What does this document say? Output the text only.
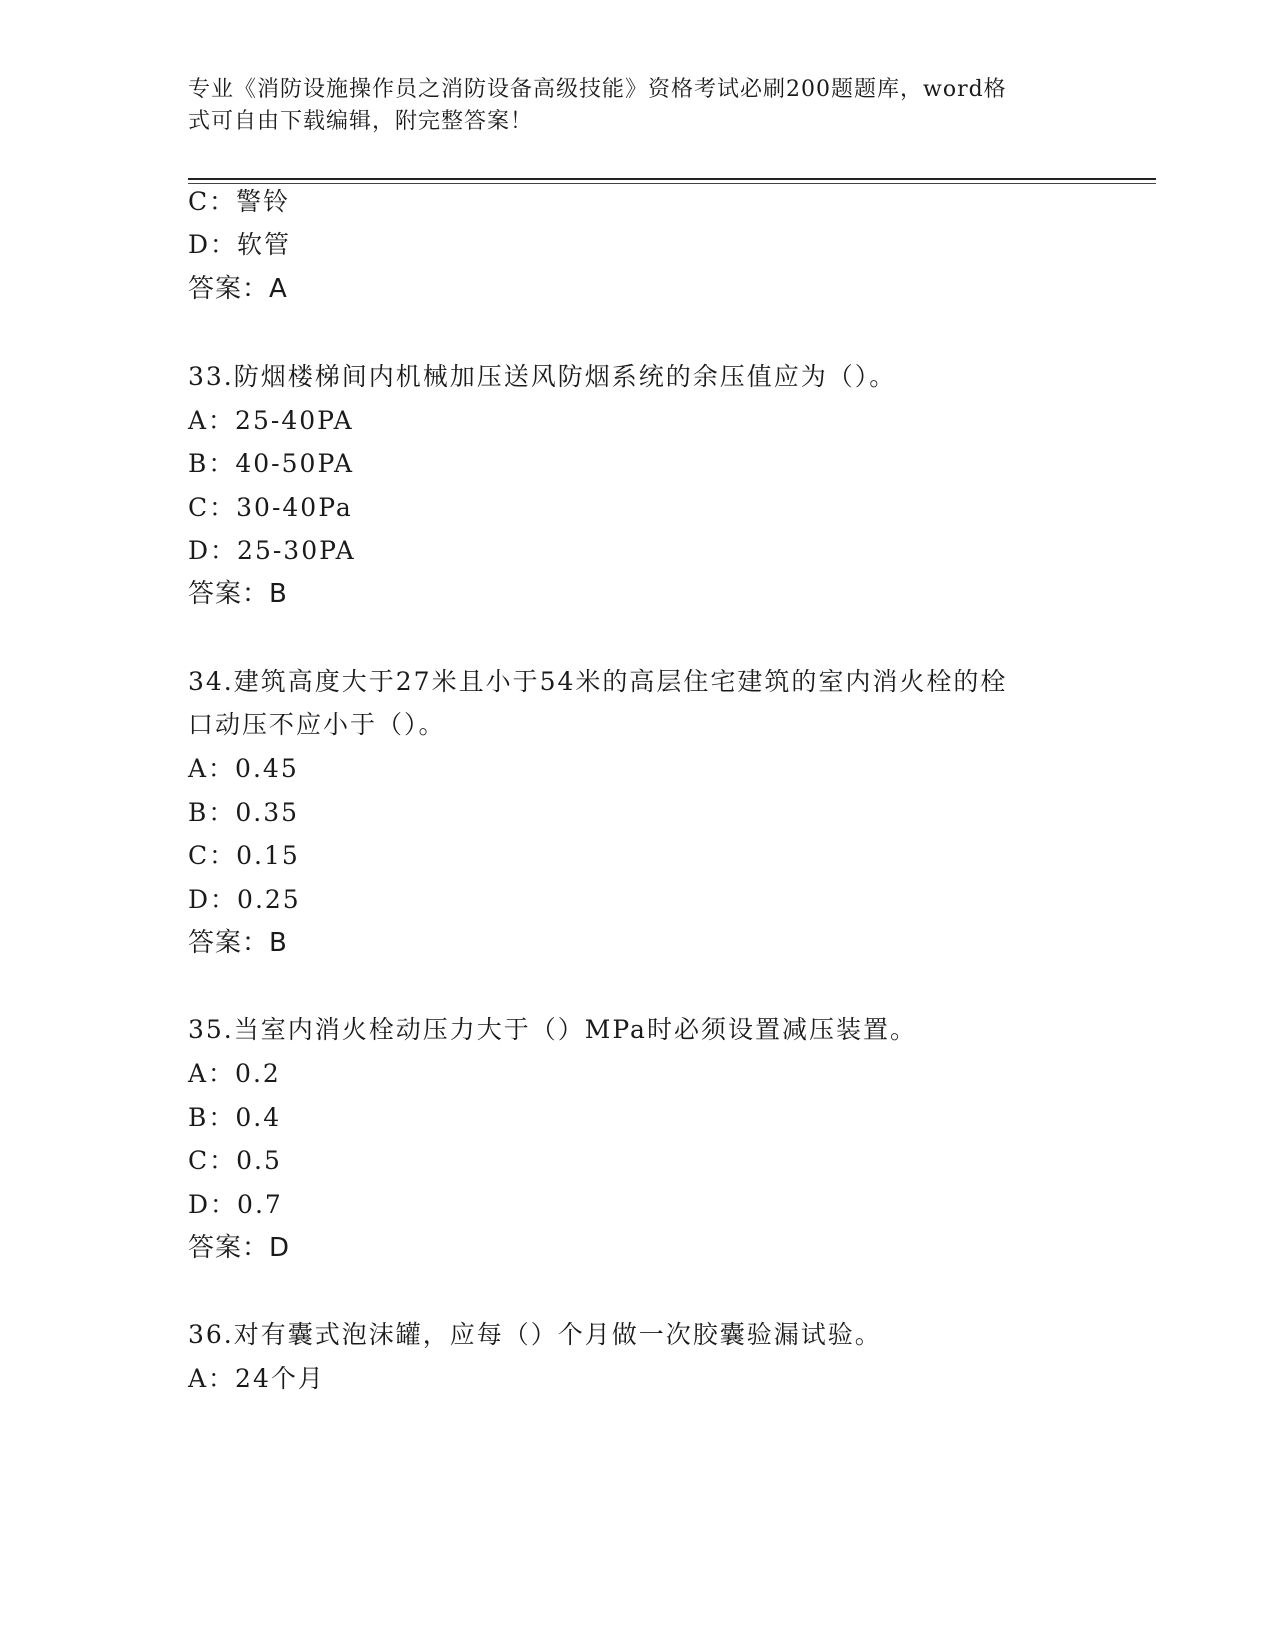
专业《消防设施操作员之消防设备高级技能》资格考试必刷200题题库，word格
式可自由下载编辑，附完整答案！
C：警铃
D：软管
答案：A
33.防烟楼梯间内机械加压送风防烟系统的余压值应为（）。
A：25-40PA
B：40-50PA
C：30-40Pa
D：25-30PA
答案：B
34.建筑高度大于27米且小于54米的高层住宅建筑的室内消火栓的栓
口动压不应小于（）。
A：0.45
B：0.35
C：0.15
D：0.25
答案：B
35.当室内消火栓动压力大于（）MPa时必须设置减压装置。
A：0.2
B：0.4
C：0.5
D：0.7
答案：D
36.对有囊式泡沫罐，应每（）个月做一次胶囊验漏试验。
A：24个月
